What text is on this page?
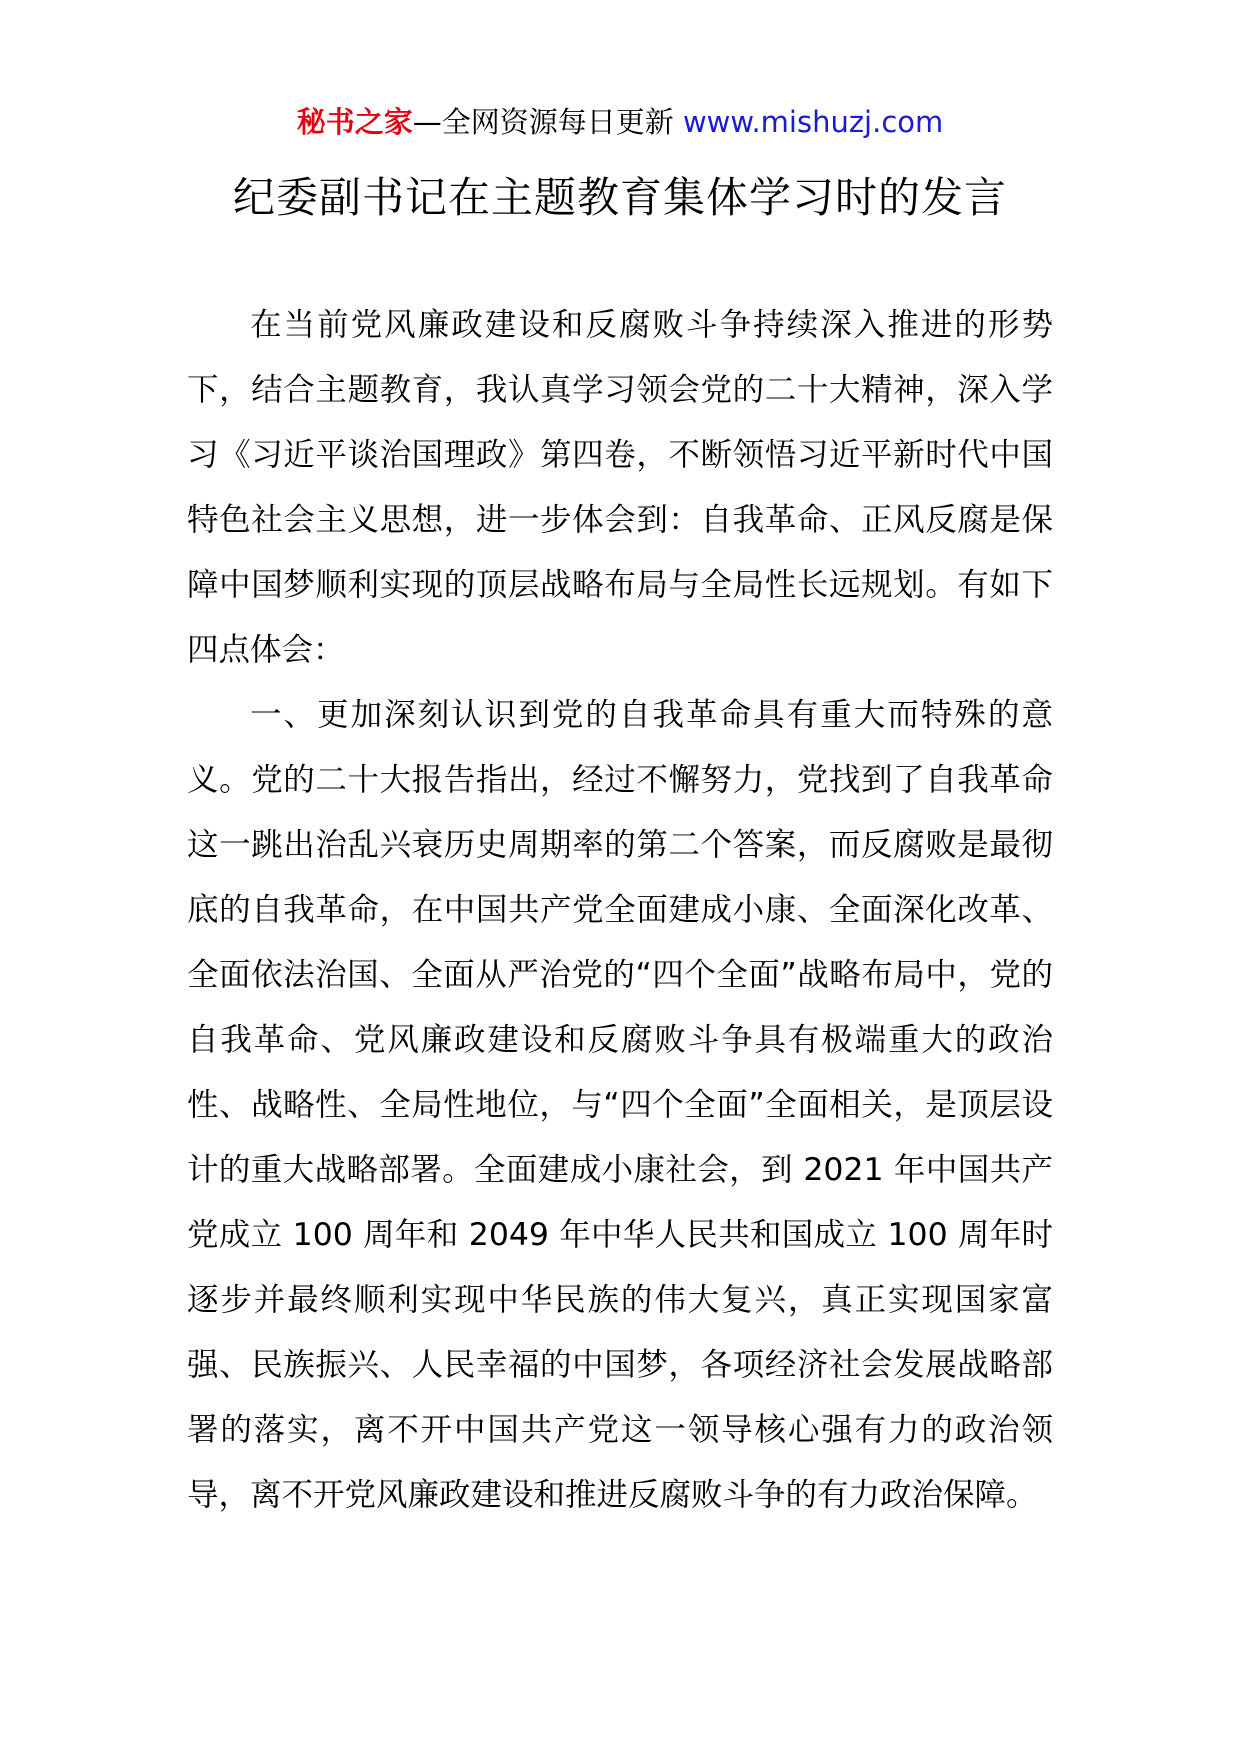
秘书之家—全网资源每日更新 www.mishuzj.com
纪委副书记在主题教育集体学习时的发言

在当前党风廉政建设和反腐败斗争持续深入推进的形势下，结合主题教育，我认真学习领会党的二十大精神，深入学习《习近平谈治国理政》第四卷，不断领悟习近平新时代中国特色社会主义思想，进一步体会到：自我革命、正风反腐是保障中国梦顺利实现的顶层战略布局与全局性长远规划。有如下四点体会：

一、更加深刻认识到党的自我革命具有重大而特殊的意义。党的二十大报告指出，经过不懈努力，党找到了自我革命这一跳出治乱兴衰历史周期率的第二个答案，而反腐败是最彻底的自我革命，在中国共产党全面建成小康、全面深化改革、全面依法治国、全面从严治党的“四个全面”战略布局中，党的自我革命、党风廉政建设和反腐败斗争具有极端重大的政治性、战略性、全局性地位，与“四个全面”全面相关，是顶层设计的重大战略部署。全面建成小康社会，到 2021 年中国共产党成立 100 周年和 2049 年中华人民共和国成立 100 周年时逐步并最终顺利实现中华民族的伟大复兴，真正实现国家富强、民族振兴、人民幸福的中国梦，各项经济社会发展战略部署的落实，离不开中国共产党这一领导核心强有力的政治领导，离不开党风廉政建设和推进反腐败斗争的有力政治保障。
